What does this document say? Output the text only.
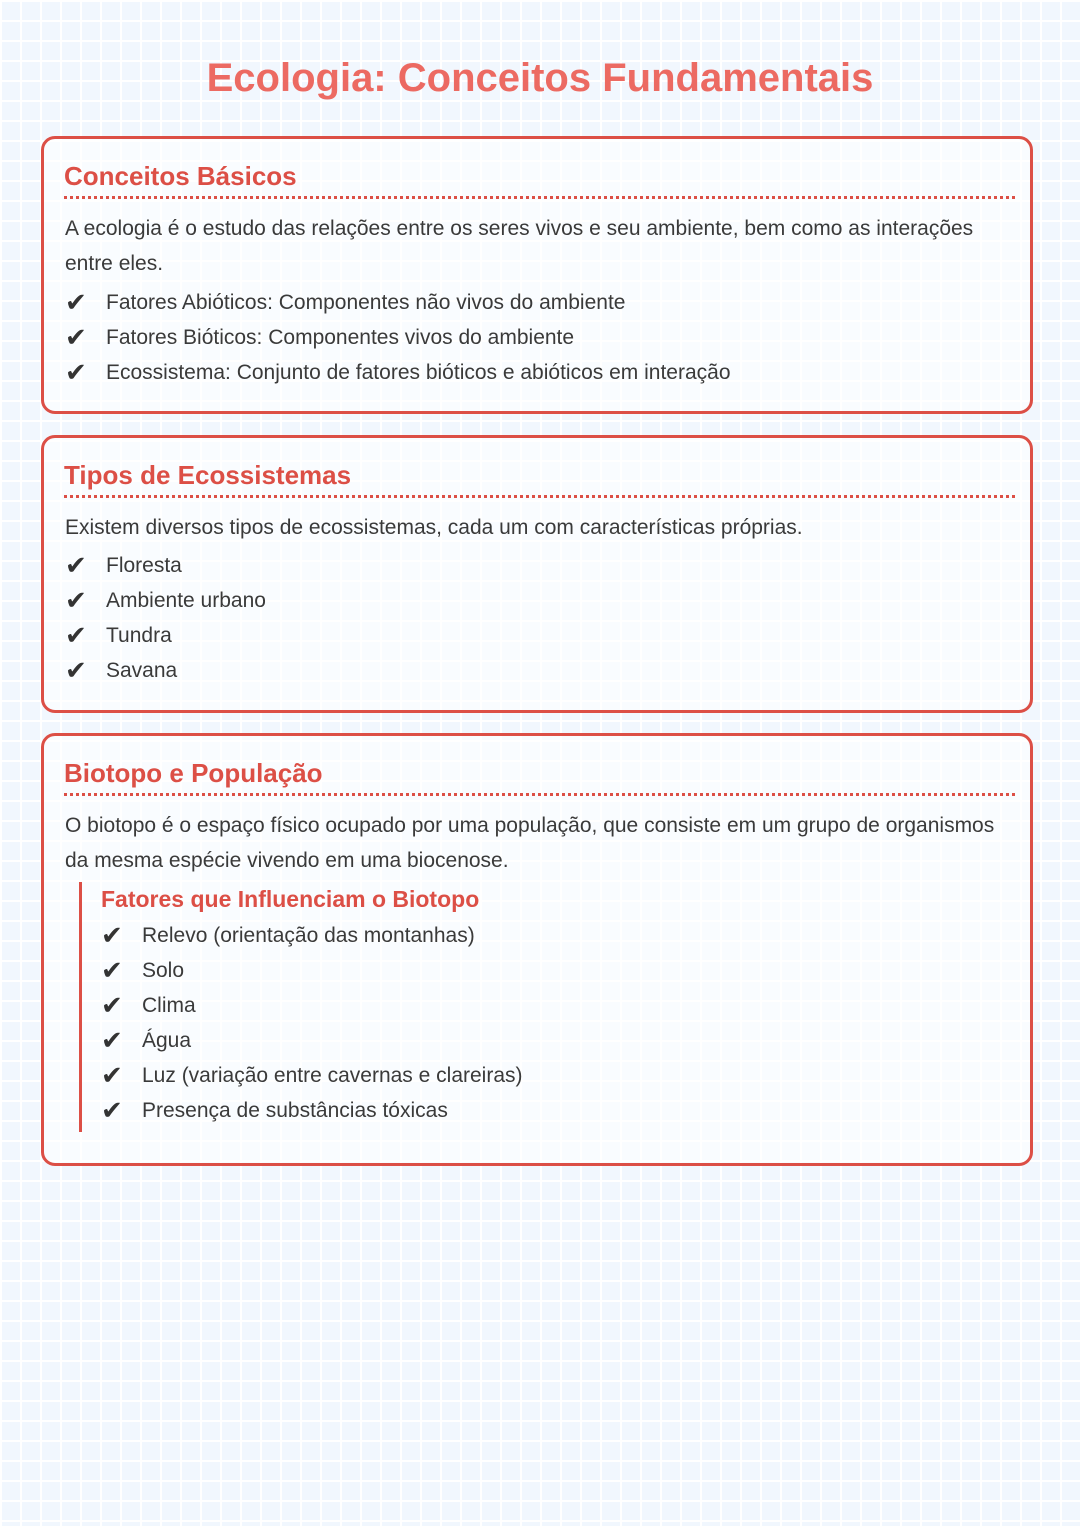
Ecologia: Conceitos Fundamentais
Conceitos Básicos

A ecologia é o estudo das relações entre os seres vivos e seu ambiente, bem como as interações entre eles.

✔ Fatores Abióticos: Componentes não vivos do ambiente
✔ Fatores Bióticos: Componentes vivos do ambiente
✔ Ecossistema: Conjunto de fatores bióticos e abióticos em interação
Tipos de Ecossistemas

Existem diversos tipos de ecossistemas, cada um com características próprias.

✔ Floresta
✔ Ambiente urbano
✔ Tundra
✔ Savana
Biotopo e População

O biotopo é o espaço físico ocupado por uma população, que consiste em um grupo de organismos da mesma espécie vivendo em uma biocenose.

Fatores que Influenciam o Biotopo
✔ Relevo (orientação das montanhas)
✔ Solo
✔ Clima
✔ Água
✔ Luz (variação entre cavernas e clareiras)
✔ Presença de substâncias tóxicas
